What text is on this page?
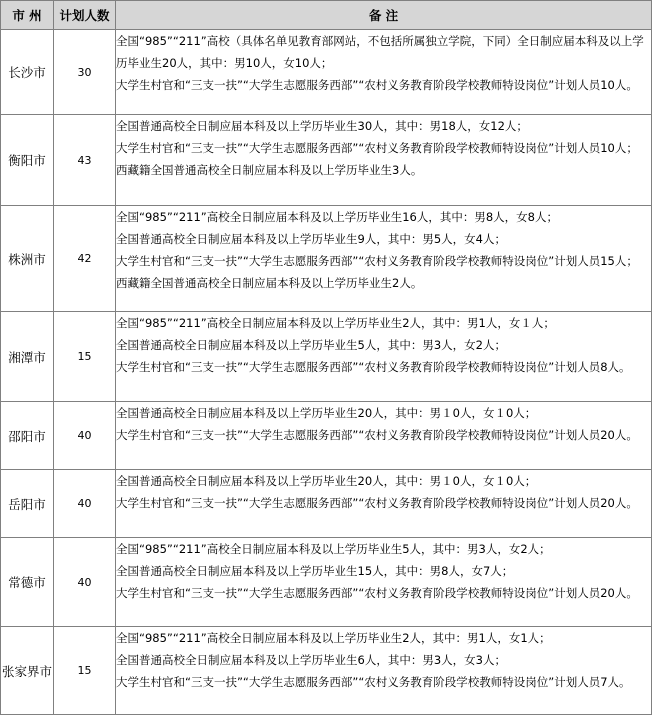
市 州	计划人数	备 注
长沙市	30	全国“985”“211”高校（具体名单见教育部网站，不包括所属独立学院，下同）全日制应届本科及以上学历毕业生20人，其中：男10人，女10人；
大学生村官和“三支一扶”“大学生志愿服务西部”“农村义务教育阶段学校教师特设岗位”计划人员10人。

衡阳市	43	全国普通高校全日制应届本科及以上学历毕业生30人，其中：男18人，女12人；
大学生村官和“三支一扶”“大学生志愿服务西部”“农村义务教育阶段学校教师特设岗位”计划人员10人；
西藏籍全国普通高校全日制应届本科及以上学历毕业生3人。

株洲市	42	全国“985”“211”高校全日制应届本科及以上学历毕业生16人，其中：男8人，女8人；
全国普通高校全日制应届本科及以上学历毕业生9人，其中：男5人，女4人；
大学生村官和“三支一扶”“大学生志愿服务西部”“农村义务教育阶段学校教师特设岗位”计划人员15人；
西藏籍全国普通高校全日制应届本科及以上学历毕业生2人。

湘潭市	15	全国“985”“211”高校全日制应届本科及以上学历毕业生2人，其中：男1人，女１人；
全国普通高校全日制应届本科及以上学历毕业生5人，其中：男3人，女2人；
大学生村官和“三支一扶”“大学生志愿服务西部”“农村义务教育阶段学校教师特设岗位”计划人员8人。

邵阳市	40	全国普通高校全日制应届本科及以上学历毕业生20人，其中：男１0人，女１0人；
大学生村官和“三支一扶”“大学生志愿服务西部”“农村义务教育阶段学校教师特设岗位”计划人员20人。

岳阳市	40	全国普通高校全日制应届本科及以上学历毕业生20人，其中：男１0人，女１0人；
大学生村官和“三支一扶”“大学生志愿服务西部”“农村义务教育阶段学校教师特设岗位”计划人员20人。

常德市	40	全国“985”“211”高校全日制应届本科及以上学历毕业生5人，其中：男3人，女2人；
全国普通高校全日制应届本科及以上学历毕业生15人，其中：男8人，女7人；
大学生村官和“三支一扶”“大学生志愿服务西部”“农村义务教育阶段学校教师特设岗位”计划人员20人。

张家界市	15	全国“985”“211”高校全日制应届本科及以上学历毕业生2人，其中：男1人，女1人；
全国普通高校全日制应届本科及以上学历毕业生6人，其中：男3人，女3人；
大学生村官和“三支一扶”“大学生志愿服务西部”“农村义务教育阶段学校教师特设岗位”计划人员7人。
